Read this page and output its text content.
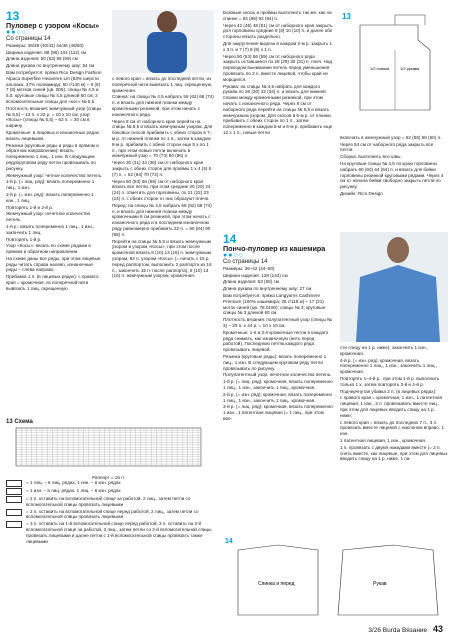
13
Пуловер с узором «Косы»
●●○○
Со страницы 14
Размеры: 36/38 (40/42) 44/46 (48/50)
Ширина изделия: 88 (96) 104 (112) см
Длина изделия: 50 (53) 56 (59) см
Длина рукава по внутреннему шву: 54 см
Вам потребуется: пряжа Rico Design Fashion Alpaca Superfine Heavenre Lm (63% шерсти альпака, 37% полиамида; 50 г/140 м) – 5 (6) 7 (8) мотков синей (цв. 006); спицы № 4,5 и 5,5; круговые спицы № 4,5 длиной 50 см; 2 вспомогательные спицы для «кос» № 5,5.
Плотность вязания: жемчужный узор (спицы № 5,5) – 13 п. х 22 р. = 10 х 10 см; узор «Косы» (спицы № 5,5) – 62 п. = 30 см в ширину.
Кромочные: в лицевых и изнаночных рядах вязать лицевыми.
Резинка (круговые ряды и ряды в прямом и обратном направлении): вязать попеременно 1 лиц., 1 изн. В следующем ряду/круговом ряду петли провязывать по рисунку.
Жемчужный узор: четное количество петель.
1-й р. (= лиц. ряд): вязать попеременно 1 лиц., 1 изн.
2-й р. (= изн. ряд): вязать попеременно 1 изн., 1 лиц.
Повторять 1-й и 2-й р.
Жемчужный узор: нечетное количество петель
1-й р.: вязать попеременно 1 лиц., 1 изн., закончить 1 лиц.
Повторять 1-й р.
Узор «Косы»: вязать по схеме рядами в прямом и обратном направлении.
На схеме даны все ряды, при этом лицевые ряды читать справа налево, изнаночные ряды – слева направо.
Прибавка 1 п. (в лицевых рядах): с правого края = кромочная, из поперечной нити вывязать 1 лиц. скрещенную
с левого края = вязать до последней петли, из поперечной нити вывязать 1 лиц. скрещенную, кромочная.
Спинка: на спицы № 4,5 набрать 58 (62) 68 (74) п. и вязать для нижней планки между кромочными резинкой, при этом начать с изнаночного ряда.
Через 8 см от наборного края перейти на спицы № 5,5 и вязать жемчужным узором. Для боковых скосов прибавить с обеих сторон в 7-м р. от нижней планки по 1 п., затем в каждом 8-м р. прибавить с обеих сторон еще 5 х по 1 п., при этом новые петли включать в жемчужный узор = 70 (74) 80 (86) п.
Через 30 (31) 34 (36) см от наборного края закрыть с обеих сторон для проймы 1 х 4 (5) 5 (7) п. = 62 (64) 70 (72) п.
Через 50 (53) 56 (59) см от наборного края вязать все петли, при этом средние 20 (20) 24 (24) п. отметить для горловины, по 21 (22) 23 (24) п. с обеих сторон от них образуют плечи.
Перед: на спицы № 4,5 набрать 58 (62) 68 (74) п. и вязать для нижней планки между кромочными 8 см резинкой, при этом начать с изнаночного ряда и в последнем изнаночном ряду равномерно прибавить 22 п. = 80 (84) 90 (96) п.
Перейти на спицы № 5,5 и вязать жемчужным узором и узором «Косы», при этом после кромочной вязать 8 (10) 13 (16) п. жемчужным узором, 62 п. узором «Косы» (= начать с 15 р. перед раппортом, выполнить 2 раппорта из 16 п., закончить 15 п. после раппорта), 8 (10) 13 (16) п. жемчужным узором, кромочная.
Боковые скосы и проймы выполнить так же, как на спинке = 84 (86) 92 (94) п.
Через 42 (45) 48 (51) см от наборного края закрыть для горловины средние 8 (8) 10 (10) п. и далее обе стороны вязать раздельно.
Для закругления выреза в каждом 2-м р. закрыть 1 х 3 п. и 7 (7) 8 (8) х 1 п.
Через 50 (53) 56 (59) см от наборного ряда закрыть оставшиеся по 28 (29) 30 (31) п. плеч. Над переходом вынимании петель перед уменьшения провязать по 2 п. вместе лицевой, чтобы край не морщился.
Рукава: на спицы № 4,5 набрать для каждого рукава по 26 (30) 32 (34) п. и вязать для нижней планки между кромочными резинкой, при этом начать с изнаночного ряда. Через 8 см от наборного ряда перейти на спицы № 5,5 и вязать жемчужным узором. Для скосов в 5-м р. от планки прибавить с обеих сторон по 1 п., затем попеременно в каждом 8-м и 6-м р. прибавить еще 12 х 1 п., новые петли
14
Пончо-пуловер из кашемира
●●○○
Со страницы 14
Размеры: 36–42 (44–50)
Ширина изделия: 128 (144) см
Длина изделия: 53 (56) см
Длина рукава по внутреннему шву: 27 см
Вам потребуется: пряжа Langyarns Cashmere Premium (100% кашемира; 25 г/115 м) – 17 (21) моток синей (цв. 78.0190); спицы № 3; круговые спицы № 3 длиной 60 см.
Плотность вязания: полупатентный узор (спицы № 3) – 20 п. х 44 р. = 10 х 10 см.
Кромочные: 1-я и 3-я кромочные петли в каждого ряда снимать, как изнаночную (нить перед работой). Последнюю петлю каждого ряда провязывать лицевой.
Резинка (круговые ряды): вязать попеременно 1 лиц., 1 изн. В следующем круговом ряду петли провязывать по рисунку.
Полупатентный узор: нечетное количество петель.
1-й р. (= лиц. ряд): кромочная, вязать попеременно 1 лиц., 1 изн., закончить 1 лиц., кромочная.
2-й р. (= изн. ряд): кромочная, вязать попеременно 1 лиц., 1 изн., закончить 1 лиц., кромочная.
3-й р. (= лиц. ряд): кромочная, вязать попеременно 1 изн., 1 патентная лицевая (= 1 лиц., при этом вво-
13
1/2 спинки	1/2 рукава
включать в жемчужный узор = 52 (56) 58 (60) п.
Через 54 см от наборного ряда закрыть все петли.
Сборка: выполнить все швы.
На круговые спицы № 4,5 по краю горловины набрать 60 (60) 64 (64) п. и вязать для бейки горловины резинкой круговыми рядами. Через 4 см от начала бейки свободно закрыть петли по рисунку.
Дизайн: Rico Design
сти спицу на 1 р. ниже), закончить 1 изн., кромочная.
4-й р. (= изн. ряд): кромочная, вязать попеременно 1 лиц., 1 изн., закончить 1 лиц., кромочная.
Повторять 1–4-й р., при этом 1-й р. выполнить только 1 х, затем повторять 3-й и 4-й р.
Подчерчнутая убавка 2 п. (в лицевых рядах):
с правого края = кромочная, 1 изн., 1 патентная лицевая, 1 изн., 3 п. провязывать вместе лиц., при этом для лицевых вводить спицу на 1 р. ниже;
с левого края = вязать до последних 7 п., 3 п. провязать вместе лицевой с наклоном вправо, 1 изн.
1 патентная лицевая, 1 изн., кромочная.
1 п. провязать с двумя накидами вместе (= 2 п. снять вместе, как лицевые, при этом для лицевых вводить спицу на 1 р. ниже, 1 па-
13 Схема
Раппорт = 16 п.
= 1 лиц. – в лиц. рядах, 1 изн. – в изн. рядах
= 1 изн. – в лиц. рядах, 1 лиц. – в изн. рядах
= 2 п. оставить на вспомогательной спице за работой, 2 лиц., затем петли со вспомогательной спицы провязать лицевыми
= 2 п. оставить на вспомогательной спице перед работой, 2 лиц., затем петли со вспомогательной спицы провязать лицевыми
= 3 п. оставить на 1-й вспомогательной спице перед работой, 3 п. оставить на 2-й вспомогательной спице за работой, 3 лиц., затем петли со 2-й вспомогательной спицы провязать лицевыми и далее петли с 1-й вспомогательной спицы провязать также лицевыми	14
Спинка и перед	Рукав
3/26 Burda Вязание 43
